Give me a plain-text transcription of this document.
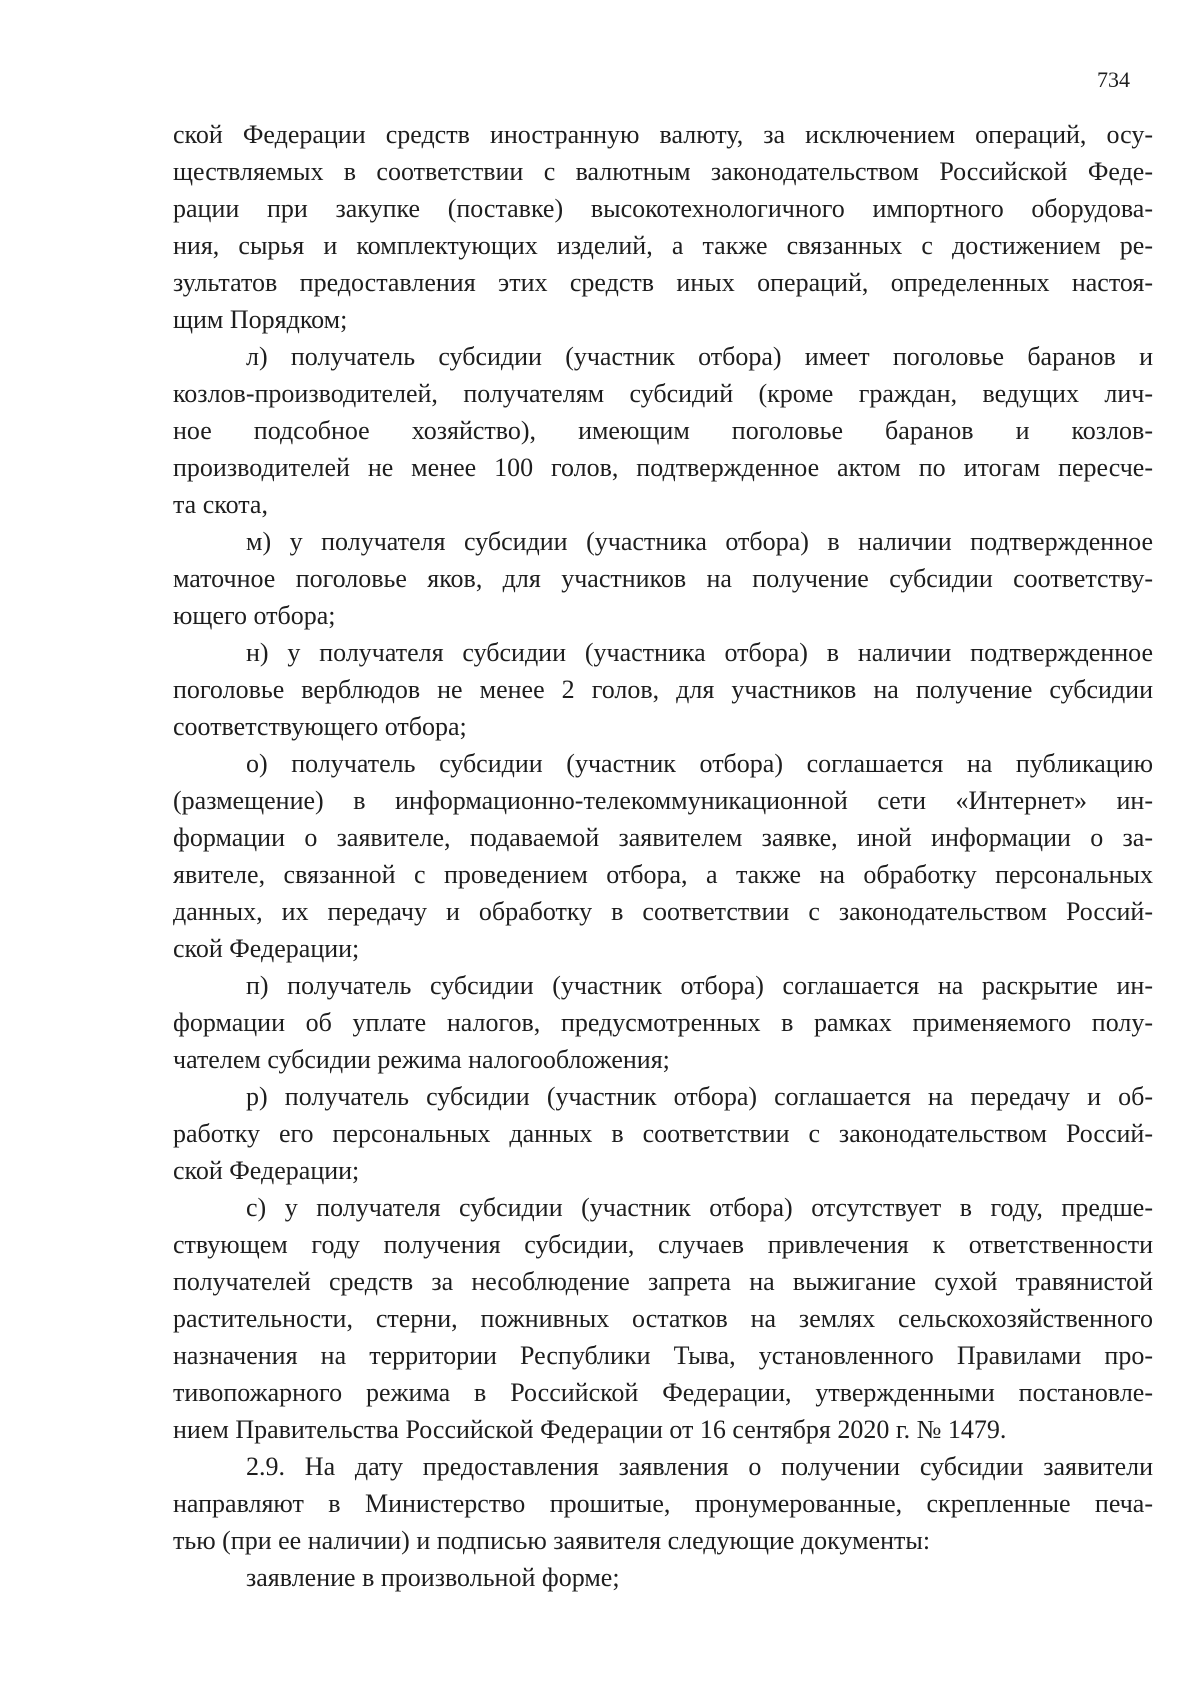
734
ской Федерации средств иностранную валюту, за исключением операций, осу-
ществляемых в соответствии с валютным законодательством Российской Феде-
рации при закупке (поставке) высокотехнологичного импортного оборудова-
ния, сырья и комплектующих изделий, а также связанных с достижением ре-
зультатов предоставления этих средств иных операций, определенных настоя-
щим Порядком;
л) получатель субсидии (участник отбора) имеет поголовье баранов и
козлов-производителей, получателям субсидий (кроме граждан, ведущих лич-
ное подсобное хозяйство), имеющим поголовье баранов и козлов-
производителей не менее 100 голов, подтвержденное актом по итогам пересче-
та скота,
м) у получателя субсидии (участника отбора) в наличии подтвержденное
маточное поголовье яков, для участников на получение субсидии соответству-
ющего отбора;
н) у получателя субсидии (участника отбора) в наличии подтвержденное
поголовье верблюдов не менее 2 голов, для участников на получение субсидии
соответствующего отбора;
о) получатель субсидии (участник отбора) соглашается на публикацию
(размещение) в информационно-телекоммуникационной сети «Интернет» ин-
формации о заявителе, подаваемой заявителем заявке, иной информации о за-
явителе, связанной с проведением отбора, а также на обработку персональных
данных, их передачу и обработку в соответствии с законодательством Россий-
ской Федерации;
п) получатель субсидии (участник отбора) соглашается на раскрытие ин-
формации об уплате налогов, предусмотренных в рамках применяемого полу-
чателем субсидии режима налогообложения;
р) получатель субсидии (участник отбора) соглашается на передачу и об-
работку его персональных данных в соответствии с законодательством Россий-
ской Федерации;
с) у получателя субсидии (участник отбора) отсутствует в году, предше-
ствующем году получения субсидии, случаев привлечения к ответственности
получателей средств за несоблюдение запрета на выжигание сухой травянистой
растительности, стерни, пожнивных остатков на землях сельскохозяйственного
назначения на территории Республики Тыва, установленного Правилами про-
тивопожарного режима в Российской Федерации, утвержденными постановле-
нием Правительства Российской Федерации от 16 сентября 2020 г. № 1479.
2.9. На дату предоставления заявления о получении субсидии заявители
направляют в Министерство прошитые, пронумерованные, скрепленные печа-
тью (при ее наличии) и подписью заявителя следующие документы:
заявление в произвольной форме;
